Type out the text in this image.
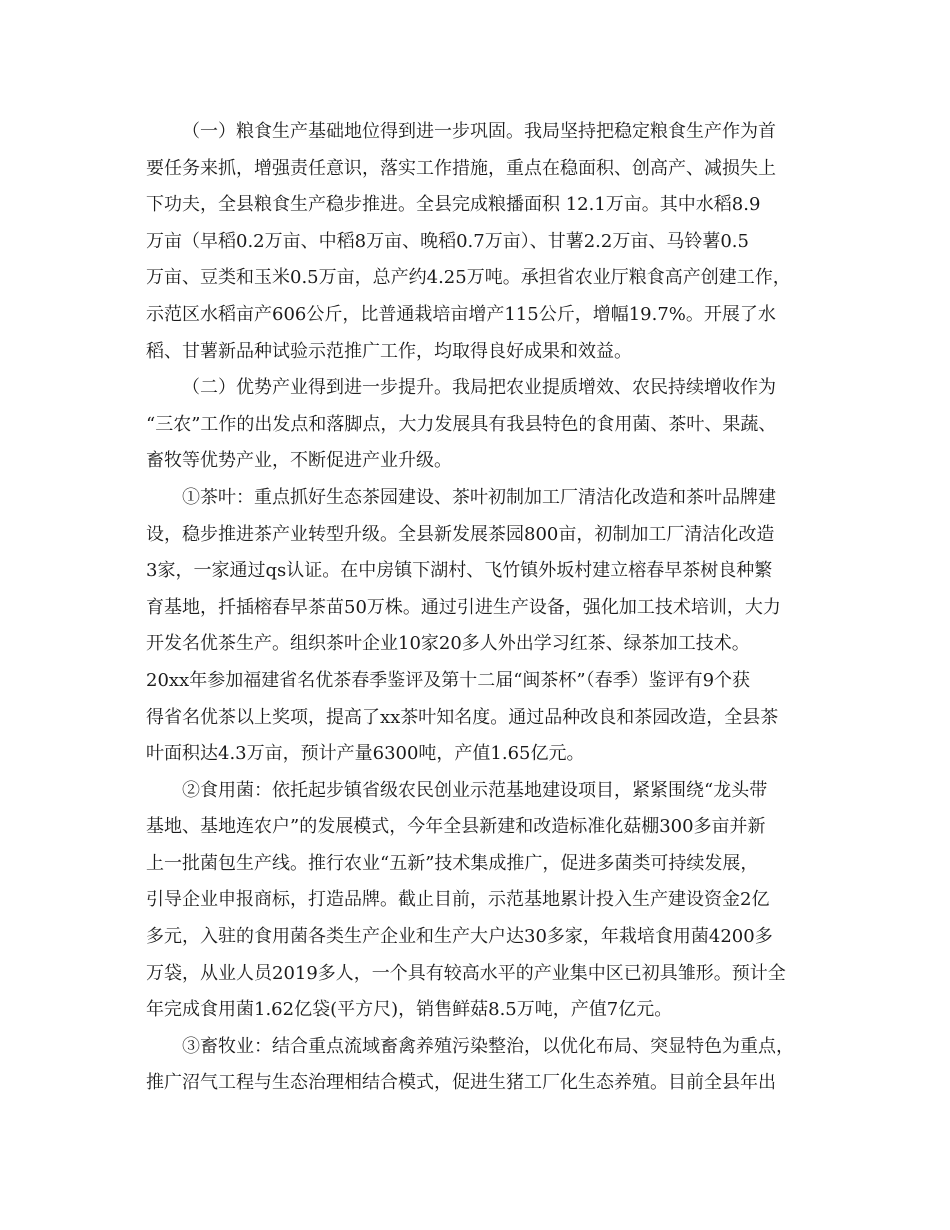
（一）粮食生产基础地位得到进一步巩固。我局坚持把稳定粮食生产作为首
要任务来抓，增强责任意识，落实工作措施，重点在稳面积、创高产、减损失上
下功夫，全县粮食生产稳步推进。全县完成粮播面积 12.1万亩。其中水稻8.9
万亩（早稻0.2万亩、中稻8万亩、晚稻0.7万亩）、甘薯2.2万亩、马铃薯0.5
万亩、豆类和玉米0.5万亩，总产约4.25万吨。承担省农业厅粮食高产创建工作，
示范区水稻亩产606公斤，比普通栽培亩增产115公斤，增幅19.7%。开展了水
稻、甘薯新品种试验示范推广工作，均取得良好成果和效益。
（二）优势产业得到进一步提升。我局把农业提质增效、农民持续增收作为
“三农”工作的出发点和落脚点，大力发展具有我县特色的食用菌、茶叶、果蔬、
畜牧等优势产业，不断促进产业升级。
①茶叶：重点抓好生态茶园建设、茶叶初制加工厂清洁化改造和茶叶品牌建
设，稳步推进茶产业转型升级。全县新发展茶园800亩，初制加工厂清洁化改造
3家，一家通过qs认证。在中房镇下湖村、飞竹镇外坂村建立榕春早茶树良种繁
育基地，扦插榕春早茶苗50万株。通过引进生产设备，强化加工技术培训，大力
开发名优茶生产。组织茶叶企业10家20多人外出学习红茶、绿茶加工技术。
20xx年参加福建省名优茶春季鉴评及第十二届“闽茶杯”（春季）鉴评有9个获
得省名优茶以上奖项，提高了xx茶叶知名度。通过品种改良和茶园改造，全县茶
叶面积达4.3万亩，预计产量6300吨，产值1.65亿元。
②食用菌：依托起步镇省级农民创业示范基地建设项目，紧紧围绕“龙头带
基地、基地连农户”的发展模式，今年全县新建和改造标准化菇棚300多亩并新
上一批菌包生产线。推行农业“五新”技术集成推广，促进多菌类可持续发展，
引导企业申报商标，打造品牌。截止目前，示范基地累计投入生产建设资金2亿
多元，入驻的食用菌各类生产企业和生产大户达30多家，年栽培食用菌4200多
万袋，从业人员2019多人，一个具有较高水平的产业集中区已初具雏形。预计全
年完成食用菌1.62亿袋(平方尺)，销售鲜菇8.5万吨，产值7亿元。
③畜牧业：结合重点流域畜禽养殖污染整治，以优化布局、突显特色为重点，
推广沼气工程与生态治理相结合模式，促进生猪工厂化生态养殖。目前全县年出
